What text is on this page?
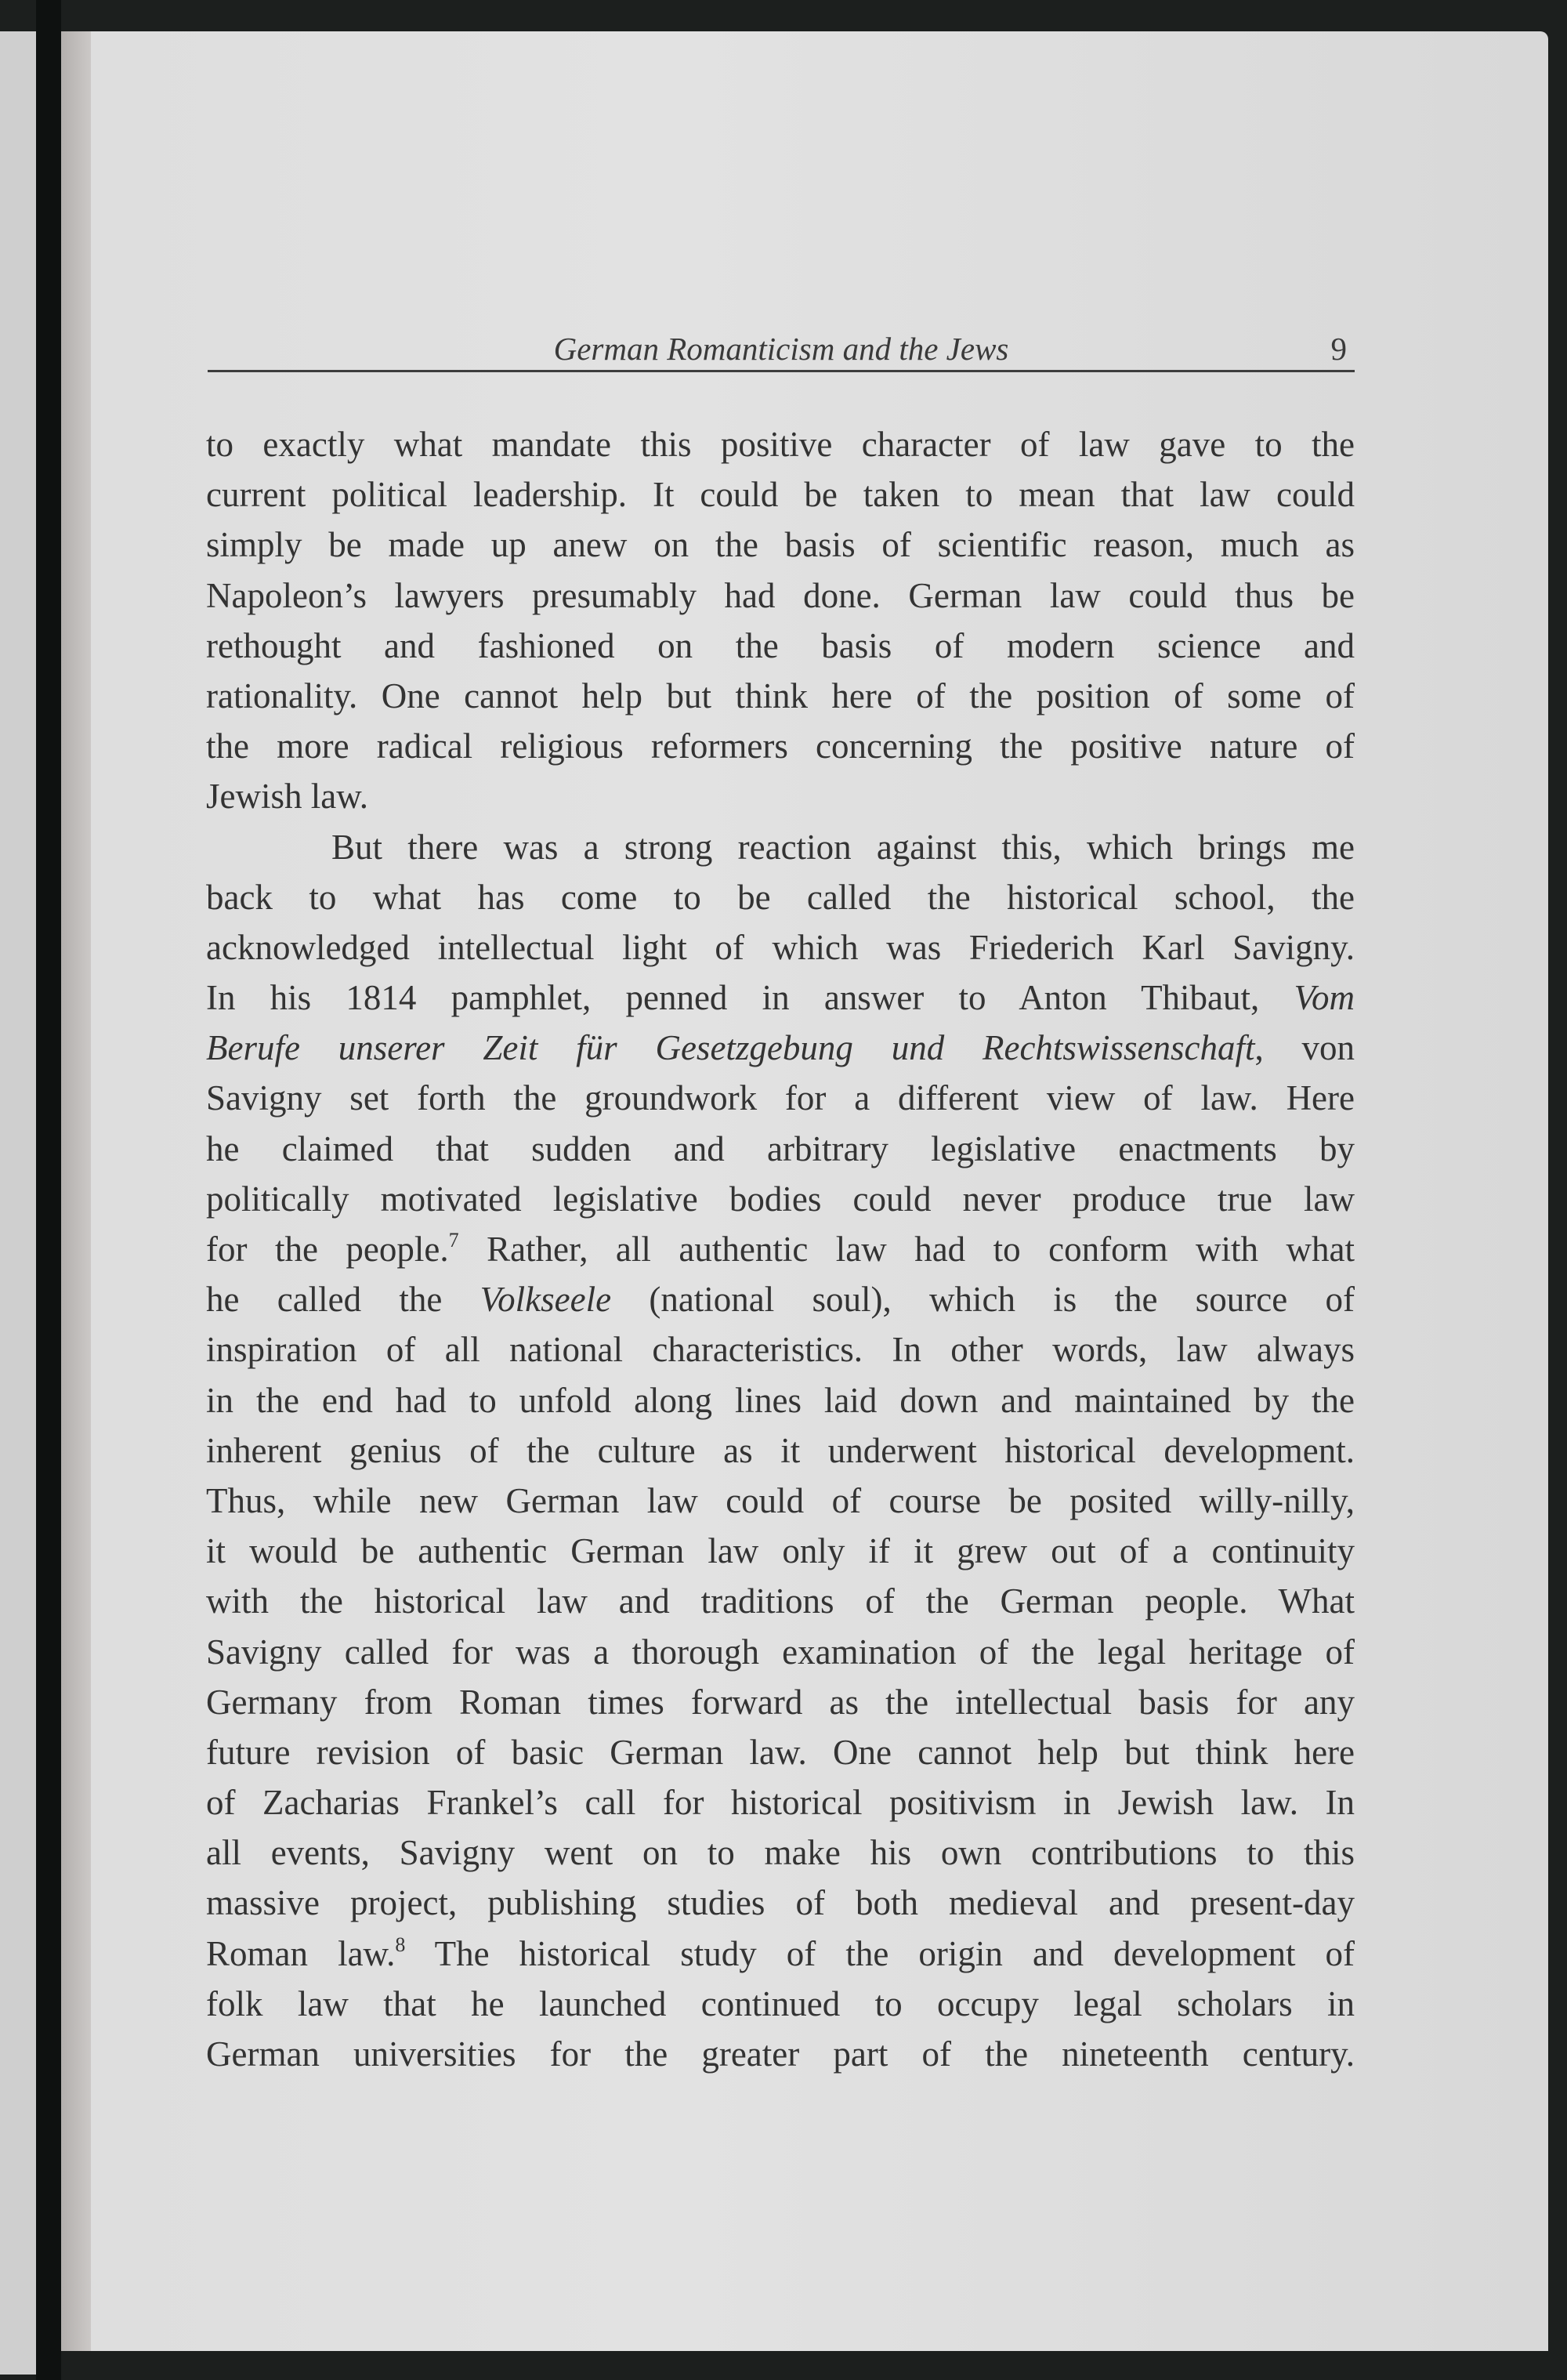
German Romanticism and the Jews	9
to exactly what mandate this positive character of law gave to the
current political leadership. It could be taken to mean that law could
simply be made up anew on the basis of scientific reason, much as
Napoleon’s lawyers presumably had done. German law could thus be
rethought and fashioned on the basis of modern science and
rationality. One cannot help but think here of the position of some of
the more radical religious reformers concerning the positive nature of
Jewish law.
But there was a strong reaction against this, which brings me
back to what has come to be called the historical school, the
acknowledged intellectual light of which was Friederich Karl Savigny.
In his 1814 pamphlet, penned in answer to Anton Thibaut, Vom
Berufe unserer Zeit für Gesetzgebung und Rechtswissenschaft, von
Savigny set forth the groundwork for a different view of law. Here
he claimed that sudden and arbitrary legislative enactments by
politically motivated legislative bodies could never produce true law
for the people.$^7$ Rather, all authentic law had to conform with what
he called the Volkseele (national soul), which is the source of
inspiration of all national characteristics. In other words, law always
in the end had to unfold along lines laid down and maintained by the
inherent genius of the culture as it underwent historical development.
Thus, while new German law could of course be posited willy-nilly,
it would be authentic German law only if it grew out of a continuity
with the historical law and traditions of the German people. What
Savigny called for was a thorough examination of the legal heritage of
Germany from Roman times forward as the intellectual basis for any
future revision of basic German law. One cannot help but think here
of Zacharias Frankel’s call for historical positivism in Jewish law. In
all events, Savigny went on to make his own contributions to this
massive project, publishing studies of both medieval and present-day
Roman law.$^8$ The historical study of the origin and development of
folk law that he launched continued to occupy legal scholars in
German universities for the greater part of the nineteenth century.
